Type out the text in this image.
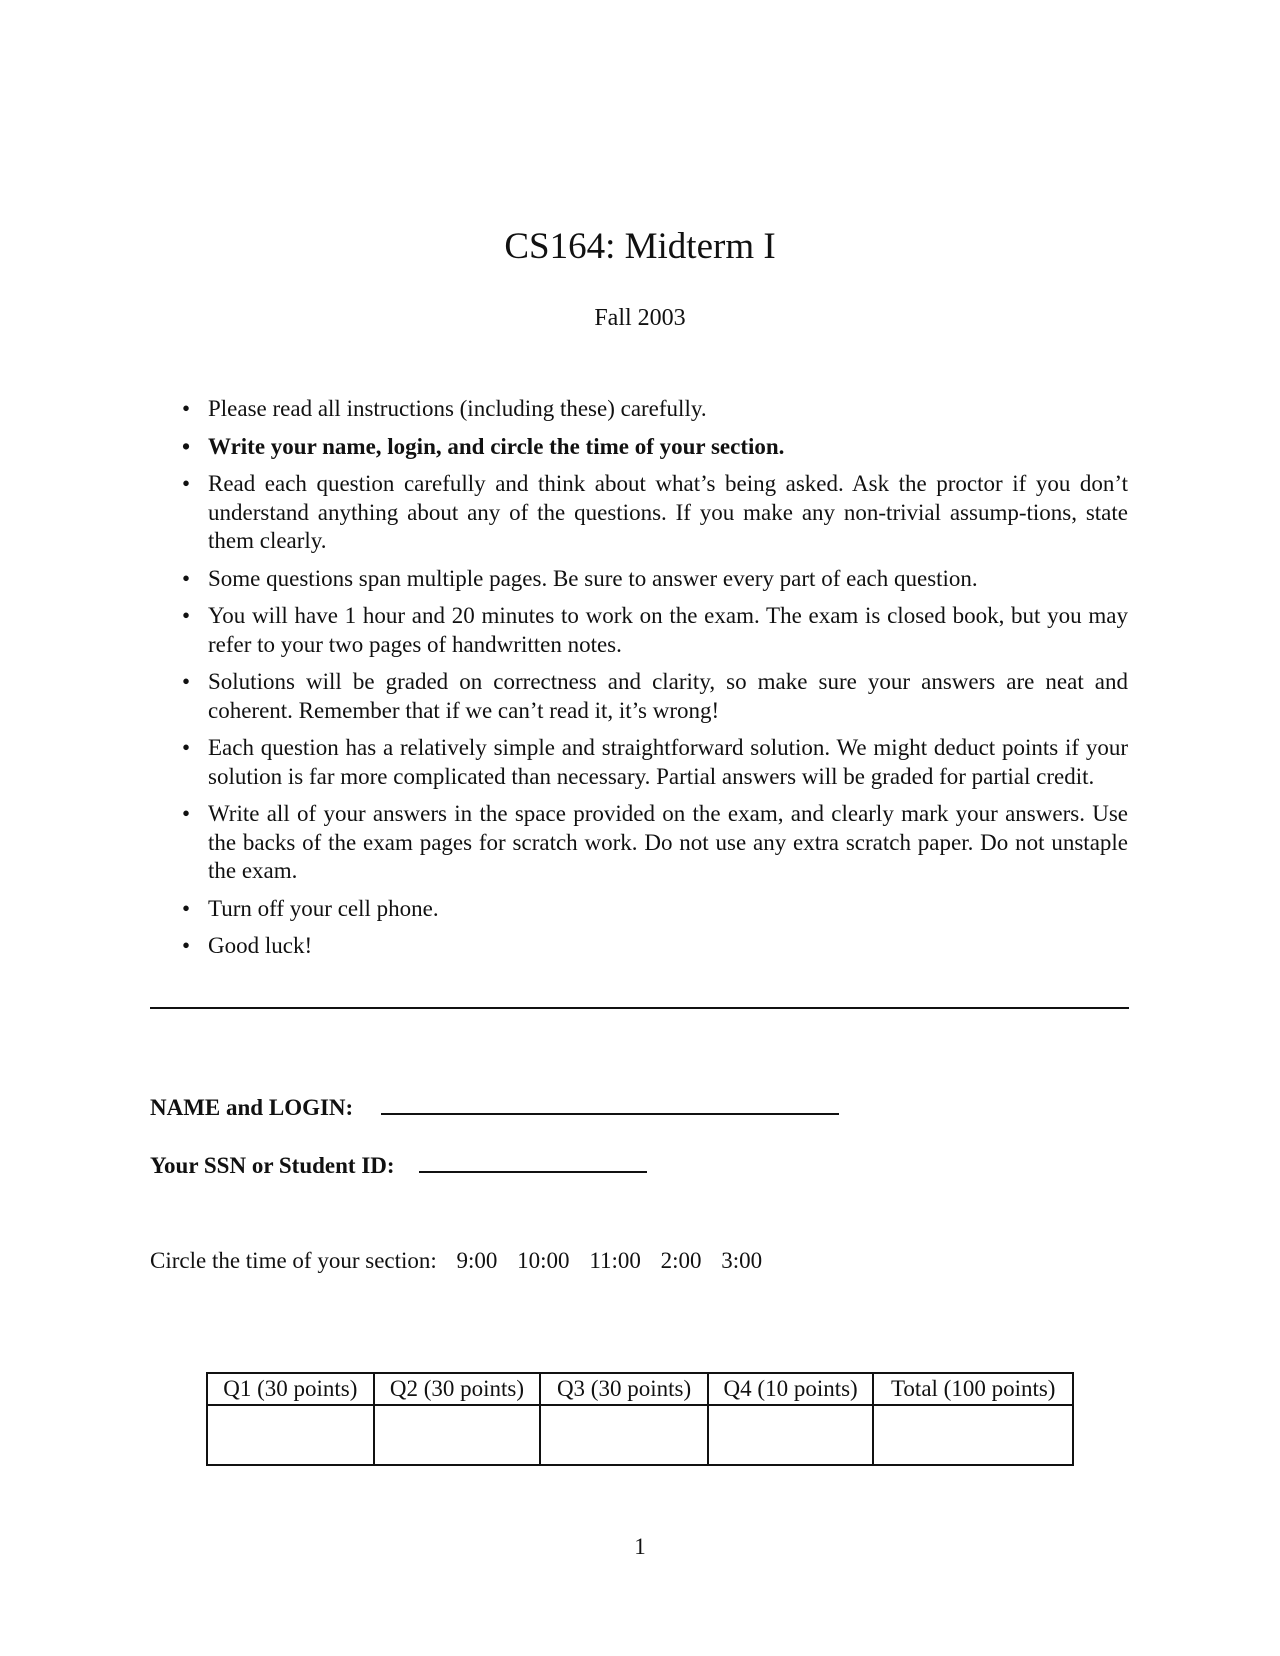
CS164: Midterm I
Fall 2003
• Please read all instructions (including these) carefully.
• Write your name, login, and circle the time of your section.
• Read each question carefully and think about what’s being asked. Ask the proctor if you don’t understand anything about any of the questions. If you make any non-trivial assump-tions, state them clearly.
• Some questions span multiple pages. Be sure to answer every part of each question.
• You will have 1 hour and 20 minutes to work on the exam. The exam is closed book, but you may refer to your two pages of handwritten notes.
• Solutions will be graded on correctness and clarity, so make sure your answers are neat and coherent. Remember that if we can’t read it, it’s wrong!
• Each question has a relatively simple and straightforward solution. We might deduct points if your solution is far more complicated than necessary. Partial answers will be graded for partial credit.
• Write all of your answers in the space provided on the exam, and clearly mark your answers. Use the backs of the exam pages for scratch work. Do not use any extra scratch paper. Do not unstaple the exam.
• Turn off your cell phone.
• Good luck!
NAME and LOGIN:
Your SSN or Student ID:
Circle the time of your section: 9:00 10:00 11:00 2:00 3:00
Q1 (30 points)	Q2 (30 points)	Q3 (30 points)	Q4 (10 points)	Total (100 points)

1
